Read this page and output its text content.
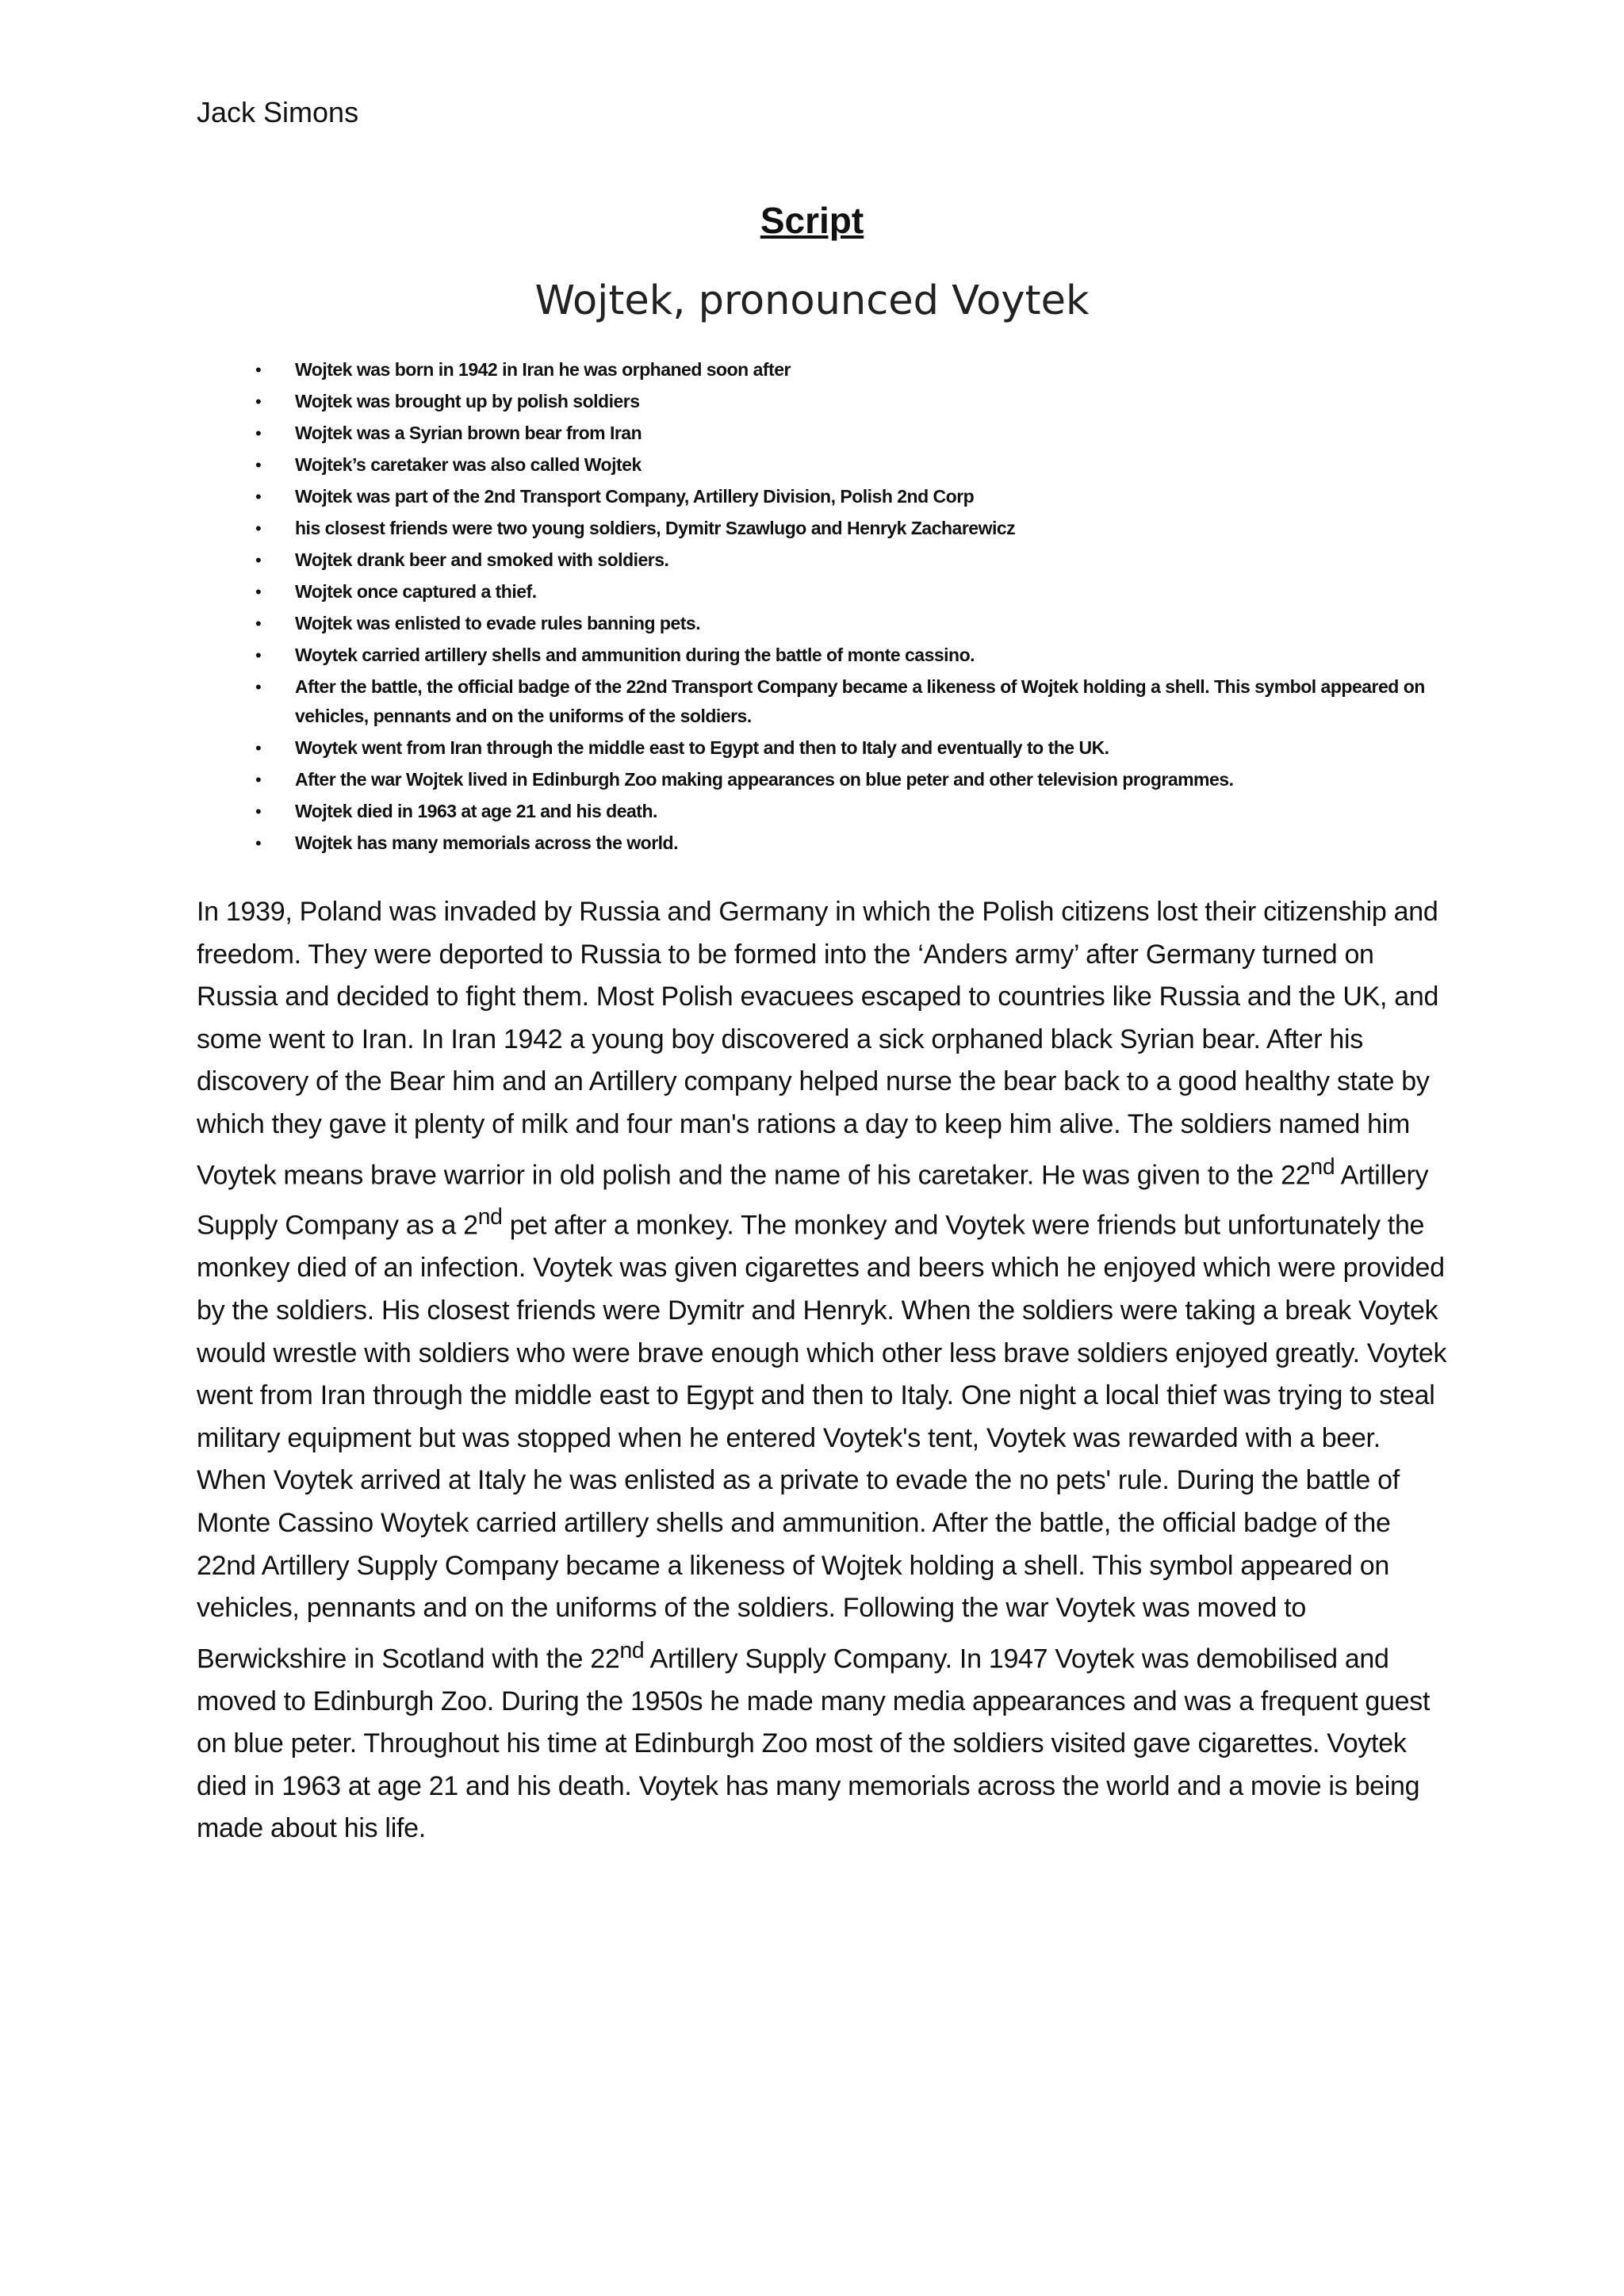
Jack Simons
Script
Wojtek, pronounced Voytek
• Wojtek was born in 1942 in Iran he was orphaned soon after
• Wojtek was brought up by polish soldiers
• Wojtek was a Syrian brown bear from Iran
• Wojtek’s caretaker was also called Wojtek
• Wojtek was part of the 2nd Transport Company, Artillery Division, Polish 2nd Corp
• his closest friends were two young soldiers, Dymitr Szawlugo and Henryk Zacharewicz
• Wojtek drank beer and smoked with soldiers.
• Wojtek once captured a thief.
• Wojtek was enlisted to evade rules banning pets.
• Woytek carried artillery shells and ammunition during the battle of monte cassino.
• After the battle, the official badge of the 22nd Transport Company became a likeness of Wojtek holding a shell. This symbol appeared on vehicles, pennants and on the uniforms of the soldiers.
• Woytek went from Iran through the middle east to Egypt and then to Italy and eventually to the UK.
• After the war Wojtek lived in Edinburgh Zoo making appearances on blue peter and other television programmes.
• Wojtek died in 1963 at age 21 and his death.
• Wojtek has many memorials across the world.

In 1939, Poland was invaded by Russia and Germany in which the Polish citizens lost their citizenship and freedom. They were deported to Russia to be formed into the ‘Anders army’ after Germany turned on Russia and decided to fight them. Most Polish evacuees escaped to countries like Russia and the UK, and some went to Iran. In Iran 1942 a young boy discovered a sick orphaned black Syrian bear. After his discovery of the Bear him and an Artillery company helped nurse the bear back to a good healthy state by which they gave it plenty of milk and four man's rations a day to keep him alive. The soldiers named him Voytek means brave warrior in old polish and the name of his caretaker. He was given to the 22nd Artillery Supply Company as a 2nd pet after a monkey. The monkey and Voytek were friends but unfortunately the monkey died of an infection. Voytek was given cigarettes and beers which he enjoyed which were provided by the soldiers. His closest friends were Dymitr and Henryk. When the soldiers were taking a break Voytek would wrestle with soldiers who were brave enough which other less brave soldiers enjoyed greatly. Voytek went from Iran through the middle east to Egypt and then to Italy. One night a local thief was trying to steal military equipment but was stopped when he entered Voytek's tent, Voytek was rewarded with a beer. When Voytek arrived at Italy he was enlisted as a private to evade the no pets' rule. During the battle of Monte Cassino Woytek carried artillery shells and ammunition. After the battle, the official badge of the 22nd Artillery Supply Company became a likeness of Wojtek holding a shell. This symbol appeared on vehicles, pennants and on the uniforms of the soldiers. Following the war Voytek was moved to Berwickshire in Scotland with the 22nd Artillery Supply Company. In 1947 Voytek was demobilised and moved to Edinburgh Zoo. During the 1950s he made many media appearances and was a frequent guest on blue peter. Throughout his time at Edinburgh Zoo most of the soldiers visited gave cigarettes. Voytek died in 1963 at age 21 and his death. Voytek has many memorials across the world and a movie is being made about his life.
